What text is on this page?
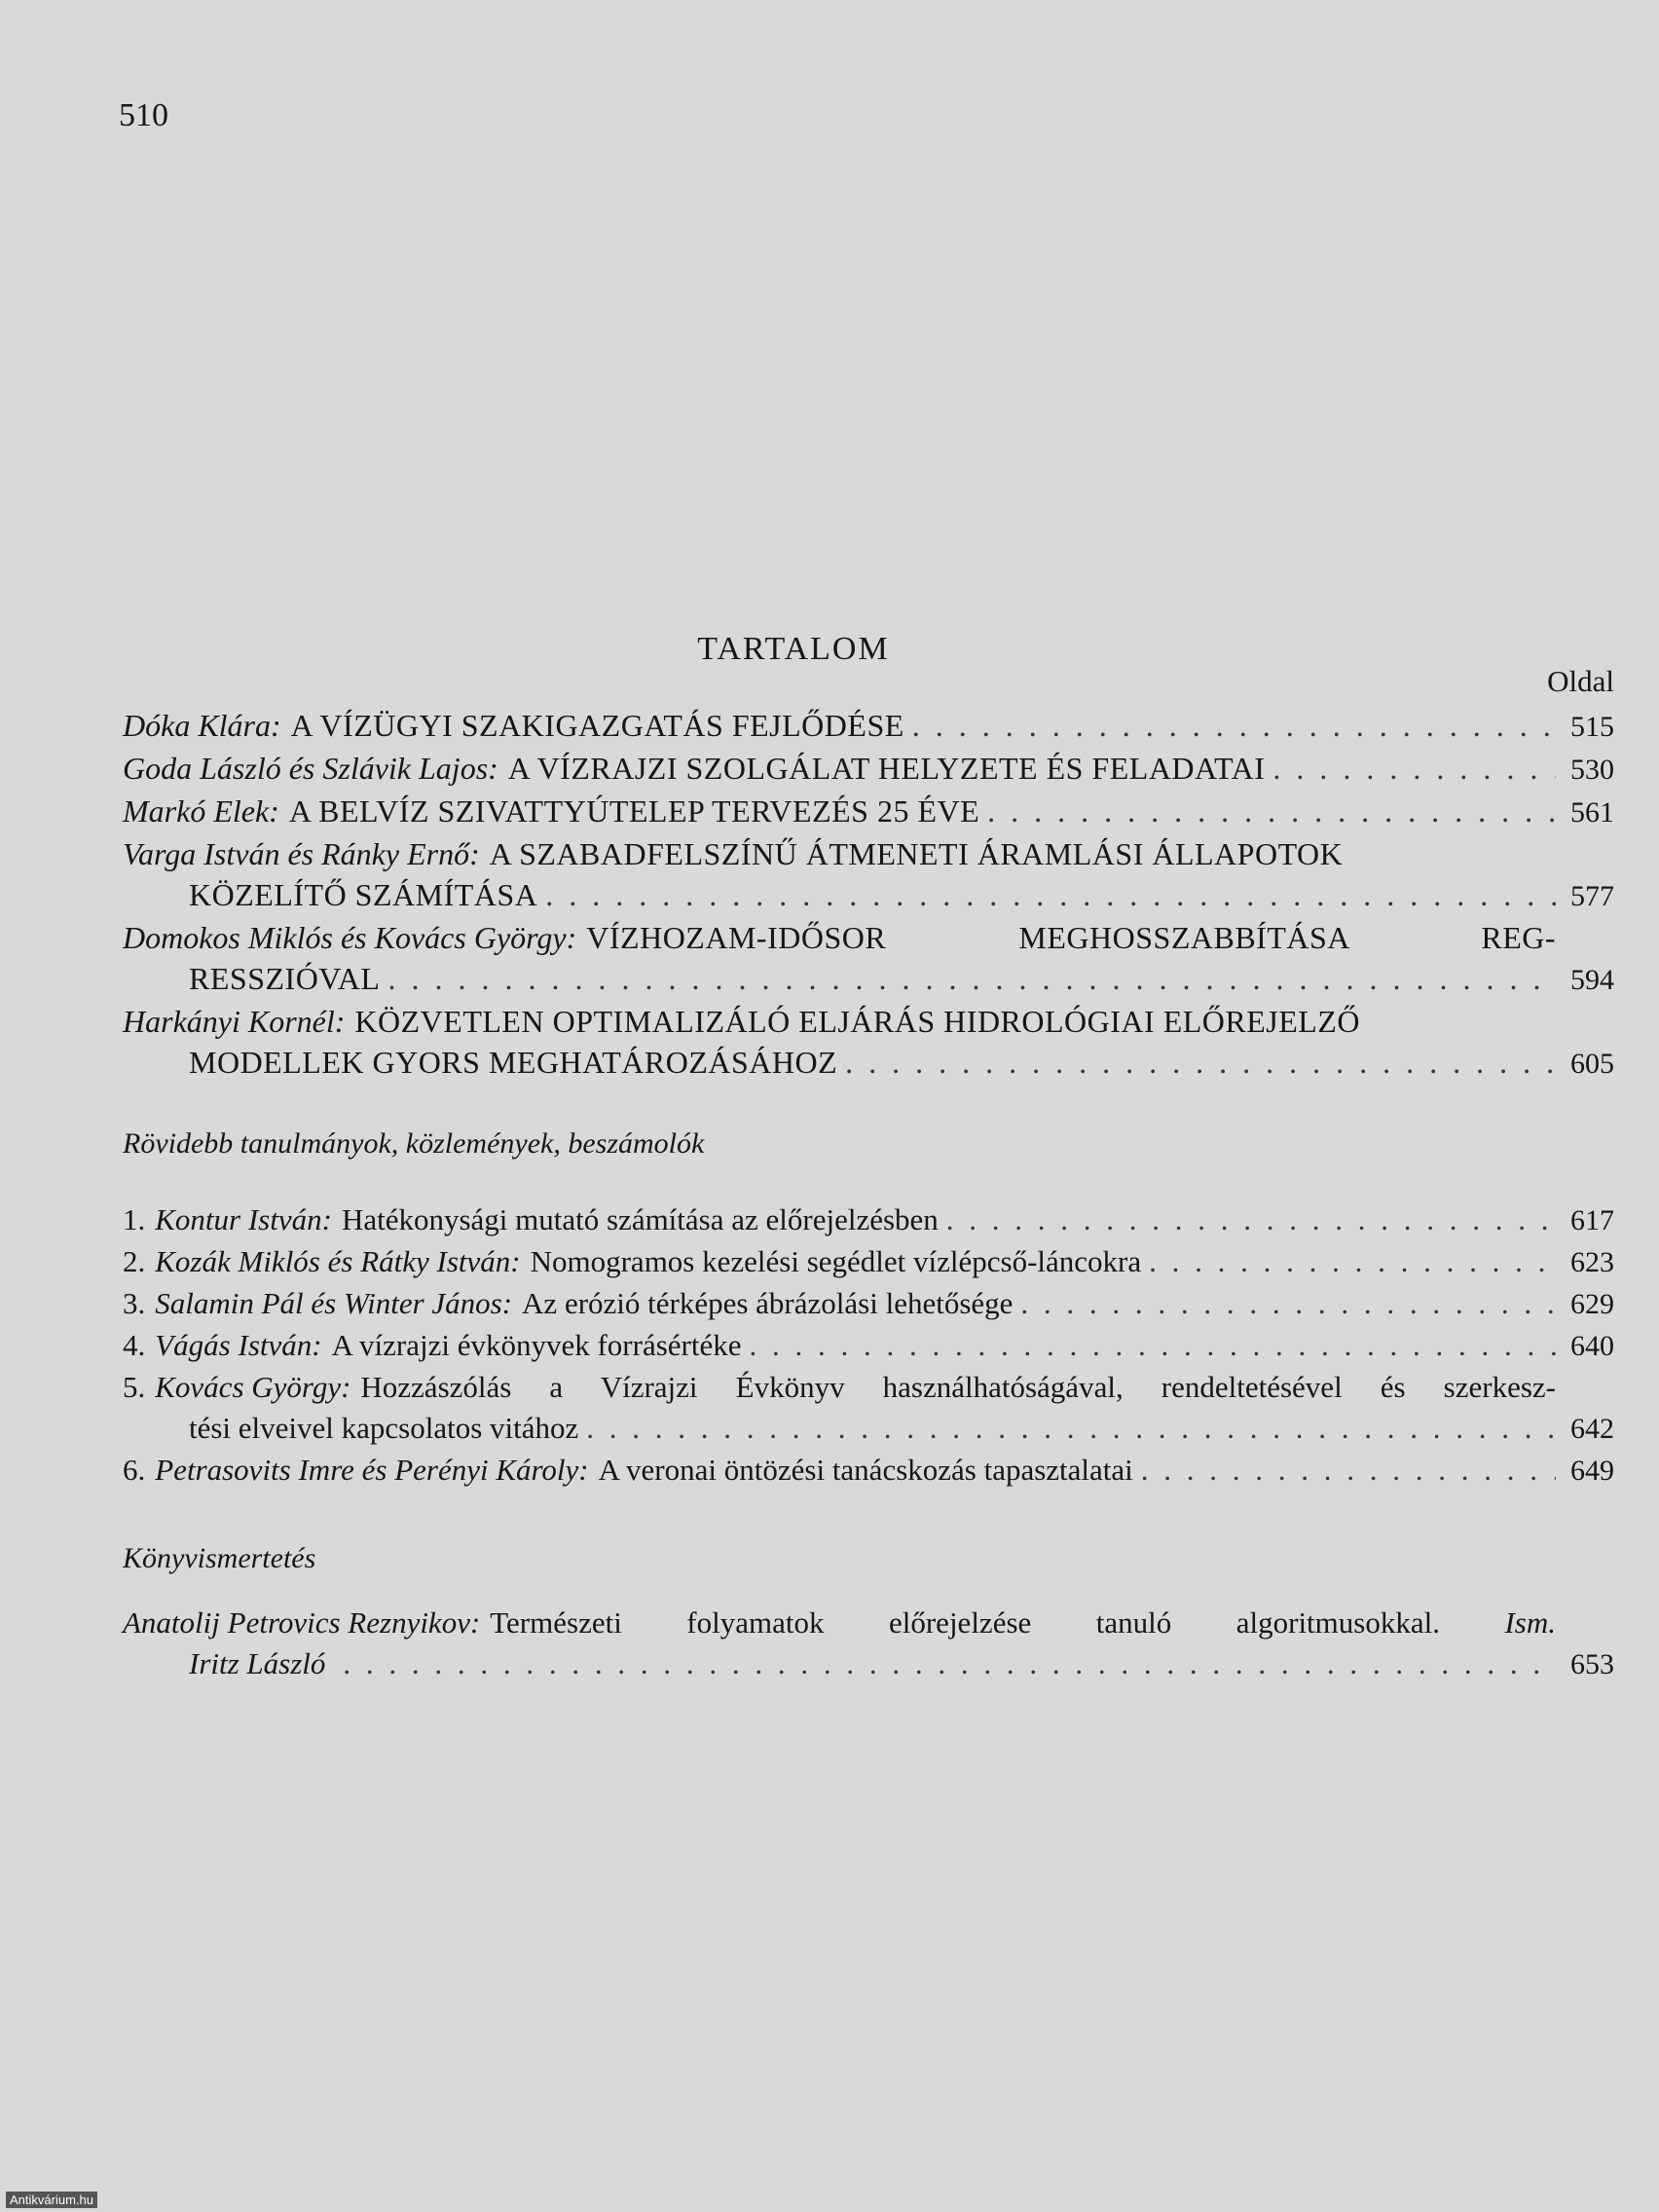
510
TARTALOM
Oldal
Dóka Klára: A VÍZÜGYI SZAKIGAZGATÁS FEJLŐDÉSE . . .	515
Goda László és Szlávik Lajos: A VÍZRAJZI SZOLGÁLAT HELYZETE ÉS FELADATAI . . .	530
Markó Elek: A BELVÍZ SZIVATTYÚTELEP TERVEZÉS 25 ÉVE . . .	561
Varga István és Ránky Ernő: A SZABADFELSZÍNŰ ÁTMENETI ÁRAMLÁSI ÁLLAPOTOK
KÖZELÍTŐ SZÁMÍTÁSA . . .	577
Domokos Miklós és Kovács György: VÍZHOZAM-IDŐSOR MEGHOSSZABBÍTÁSA REG-
RESSZIÓVAL . . .	594
Harkányi Kornél: KÖZVETLEN OPTIMALIZÁLÓ ELJÁRÁS HIDROLÓGIAI ELŐREJELZŐ
MODELLEK GYORS MEGHATÁROZÁSÁHOZ . . .	605
Rövidebb tanulmányok, közlemények, beszámolók
1. Kontur István: Hatékonysági mutató számítása az előrejelzésben . . .	617
2. Kozák Miklós és Rátky István: Nomogramos kezelési segédlet vízlépcső-láncokra . . .	623
3. Salamin Pál és Winter János: Az erózió térképes ábrázolási lehetősége . . .	629
4. Vágás István: A vízrajzi évkönyvek forrásértéke . . .	640
5. Kovács György: Hozzászólás a Vízrajzi Évkönyv használhatóságával, rendeltetésével és szerkesz-
tési elveivel kapcsolatos vitához . . .	642
6. Petrasovits Imre és Perényi Károly: A veronai öntözési tanácskozás tapasztalatai . . .	649
Könyvismertetés
Anatolij Petrovics Reznyikov: Természeti folyamatok előrejelzése tanuló algoritmusokkal. Ism.
Iritz László . . .	653
Antikvárium.hu
